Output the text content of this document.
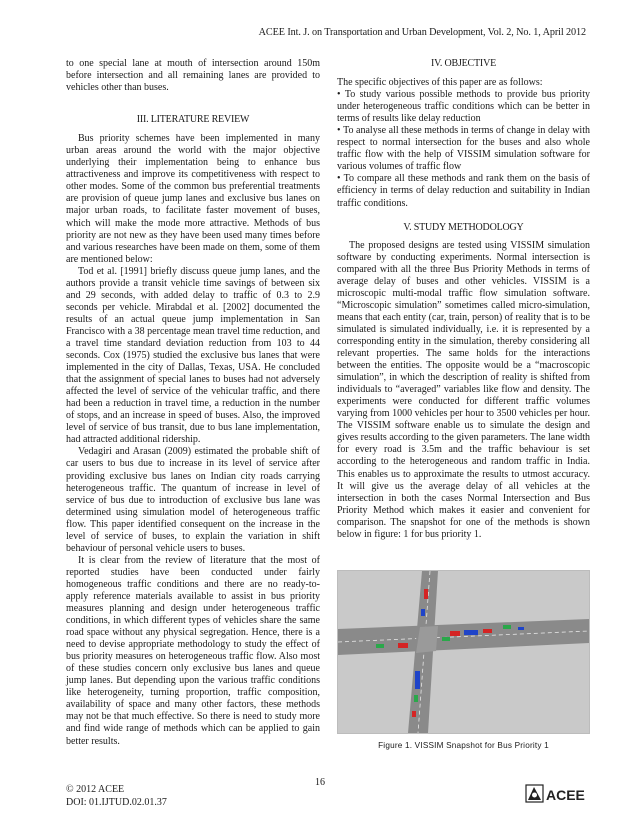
ACEE Int. J. on Transportation and Urban Development, Vol. 2, No. 1, April 2012

to one special lane at mouth of intersection around 150m before intersection and all remaining lanes are provided to vehicles other than buses.

III. LITERATURE REVIEW

Bus priority schemes have been implemented in many urban areas around the world with the major objective underlying their implementation being to enhance bus attractiveness and improve its competitiveness with respect to other modes. Some of the common bus preferential treatments are provision of queue jump lanes and exclusive bus lanes on major urban roads, to facilitate faster movement of buses, which will make the mode more attractive. Methods of bus priority are not new as they have been used many times before and various researches have been made on them, some of them are mentioned below:

Tod et al. [1991] briefly discuss queue jump lanes, and the authors provide a transit vehicle time savings of between six and 29 seconds, with added delay to traffic of 0.3 to 2.9 seconds per vehicle. Mirabdal et al. [2002] documented the results of an actual queue jump implementation in San Francisco with a 38 percentage mean travel time reduction, and a travel time standard deviation reduction from 103 to 44 seconds. Cox (1975) studied the exclusive bus lanes that were implemented in the city of Dallas, Texas, USA. He concluded that the assignment of special lanes to buses had not adversely affected the level of service of the vehicular traffic, and there had been a reduction in travel time, a reduction in the number of stops, and an increase in speed of buses. Also, the improved level of service of bus transit, due to bus lane implementation, had attracted additional ridership.

Vedagiri and Arasan (2009) estimated the probable shift of car users to bus due to increase in its level of service after providing exclusive bus lanes on Indian city roads carrying heterogeneous traffic. The quantum of increase in level of service of bus due to introduction of exclusive bus lane was determined using simulation model of heterogeneous traffic flow. This paper identified consequent on the increase in the level of service of buses, to explain the variation in shift behaviour of personal vehicle users to buses.

It is clear from the review of literature that the most of reported studies have been conducted under fairly homogeneous traffic conditions and there are no ready-to-apply reference materials available to assist in bus priority measures planning and design under heterogeneous traffic conditions, in which different types of vehicles share the same road space without any physical segregation. Hence, there is a need to devise appropriate methodology to study the effect of bus priority measures on heterogeneous traffic flow. Also most of these studies concern only exclusive bus lanes and queue jump lanes. But depending upon the various traffic conditions like heterogeneity, turning proportion, traffic composition, availability of space and many other factors, these methods may not be that much effective. So there is need to study more and find wide range of methods which can be applied to gain better results.

IV. OBJECTIVE

The specific objectives of this paper are as follows:

• To study various possible methods to provide bus priority under heterogeneous traffic conditions which can be better in terms of results like delay reduction

• To analyse all these methods in terms of change in delay with respect to normal intersection for the buses and also whole traffic flow with the help of VISSIM simulation software for various volumes of traffic flow

• To compare all these methods and rank them on the basis of efficiency in terms of delay reduction and suitability in Indian traffic conditions.

V. STUDY METHODOLOGY

The proposed designs are tested using VISSIM simulation software by conducting experiments. Normal intersection is compared with all the three Bus Priority Methods in terms of average delay of buses and other vehicles. VISSIM is a microscopic multi-modal traffic flow simulation software. “Microscopic simulation” sometimes called micro-simulation, means that each entity (car, train, person) of reality that is to be simulated is simulated individually, i.e. it is represented by a corresponding entity in the simulation, thereby considering all relevant properties. The same holds for the interactions between the entities. The opposite would be a “macroscopic simulation”, in which the description of reality is shifted from individuals to “averaged” variables like flow and density. The experiments were conducted for different traffic volumes varying from 1000 vehicles per hour to 3500 vehicles per hour. The VISSIM software enable us to simulate the design and gives results according to the given parameters. The lane width for every road is 3.5m and the traffic behaviour is set according to the heterogeneous and random traffic in India. This enables us to approximate the results to utmost accuracy. It will give us the average delay of all vehicles at the intersection in both the cases Normal Intersection and Bus Priority Method which makes it easier and convenient for comparison. The snapshot for one of the methods is shown below in figure: 1 for bus priority 1.

Figure 1. VISSIM Snapshot for Bus Priority 1
16
© 2012 ACEE
DOI: 01.IJTUD.02.01.37	ACEE
